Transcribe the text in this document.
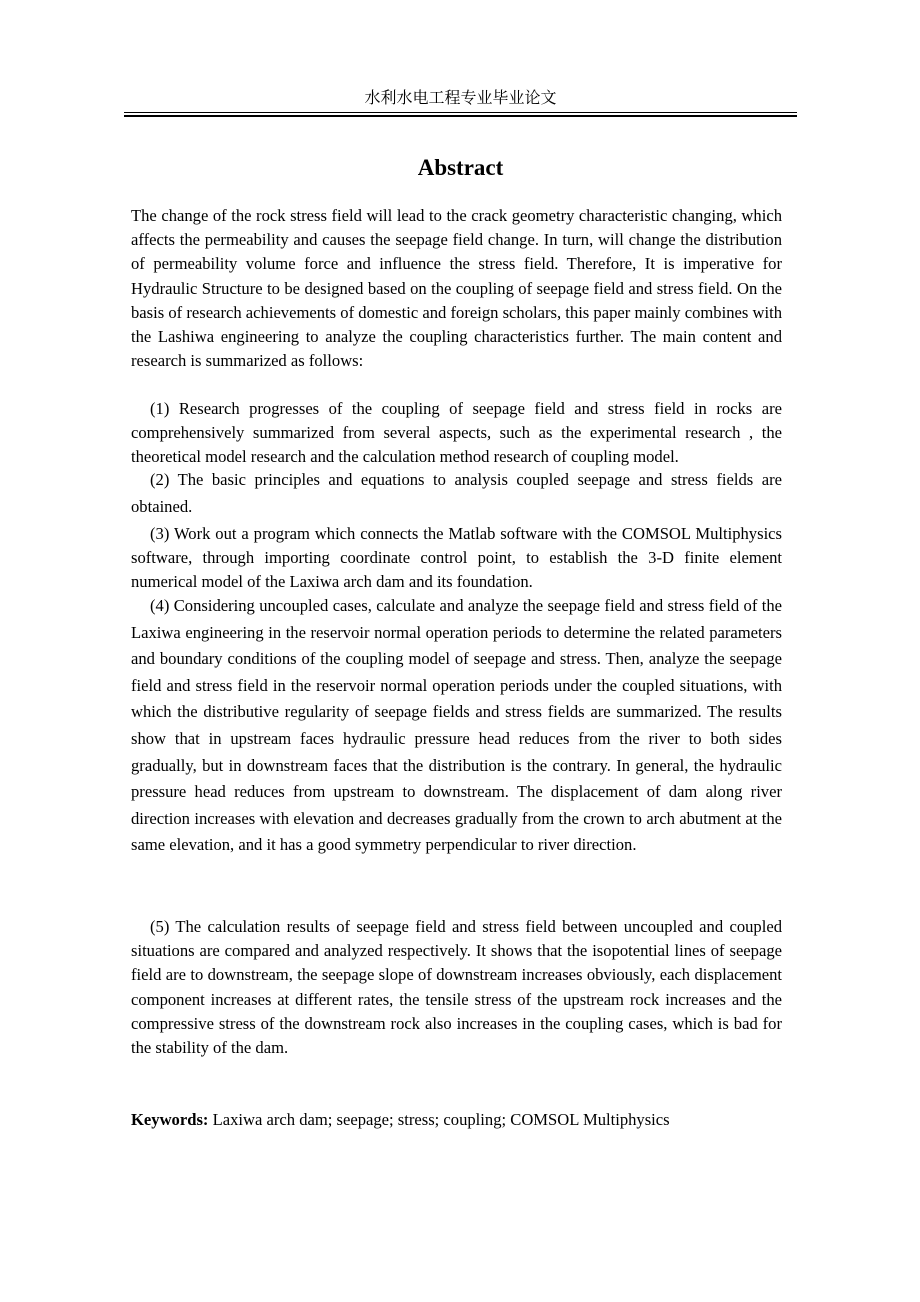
水利水电工程专业毕业论文
Abstract

The change of the rock stress field will lead to the crack geometry characteristic changing, which affects the permeability and causes the seepage field change. In turn, will change the distribution of permeability volume force and influence the stress field. Therefore, It is imperative for Hydraulic Structure to be designed based on the coupling of seepage field and stress field. On the basis of research achievements of domestic and foreign scholars, this paper mainly combines with the Lashiwa engineering to analyze the coupling characteristics further. The main content and research is summarized as follows:

(1) Research progresses of the coupling of seepage field and stress field in rocks are comprehensively summarized from several aspects, such as the experimental research , the theoretical model research and the calculation method research of coupling model.

(2) The basic principles and equations to analysis coupled seepage and stress fields are obtained.

(3) Work out a program which connects the Matlab software with the COMSOL Multiphysics software, through importing coordinate control point, to establish the 3-D finite element numerical model of the Laxiwa arch dam and its foundation.

(4) Considering uncoupled cases, calculate and analyze the seepage field and stress field of the Laxiwa engineering in the reservoir normal operation periods to determine the related parameters and boundary conditions of the coupling model of seepage and stress. Then, analyze the seepage field and stress field in the reservoir normal operation periods under the coupled situations, with which the distributive regularity of seepage fields and stress fields are summarized. The results show that in upstream faces hydraulic pressure head reduces from the river to both sides gradually, but in downstream faces that the distribution is the contrary. In general, the hydraulic pressure head reduces from upstream to downstream. The displacement of dam along river direction increases with elevation and decreases gradually from the crown to arch abutment at the same elevation, and it has a good symmetry perpendicular to river direction.

(5) The calculation results of seepage field and stress field between uncoupled and coupled situations are compared and analyzed respectively. It shows that the isopotential lines of seepage field are to downstream, the seepage slope of downstream increases obviously, each displacement component increases at different rates, the tensile stress of the upstream rock increases and the compressive stress of the downstream rock also increases in the coupling cases, which is bad for the stability of the dam.

Keywords: Laxiwa arch dam; seepage; stress; coupling; COMSOL Multiphysics
